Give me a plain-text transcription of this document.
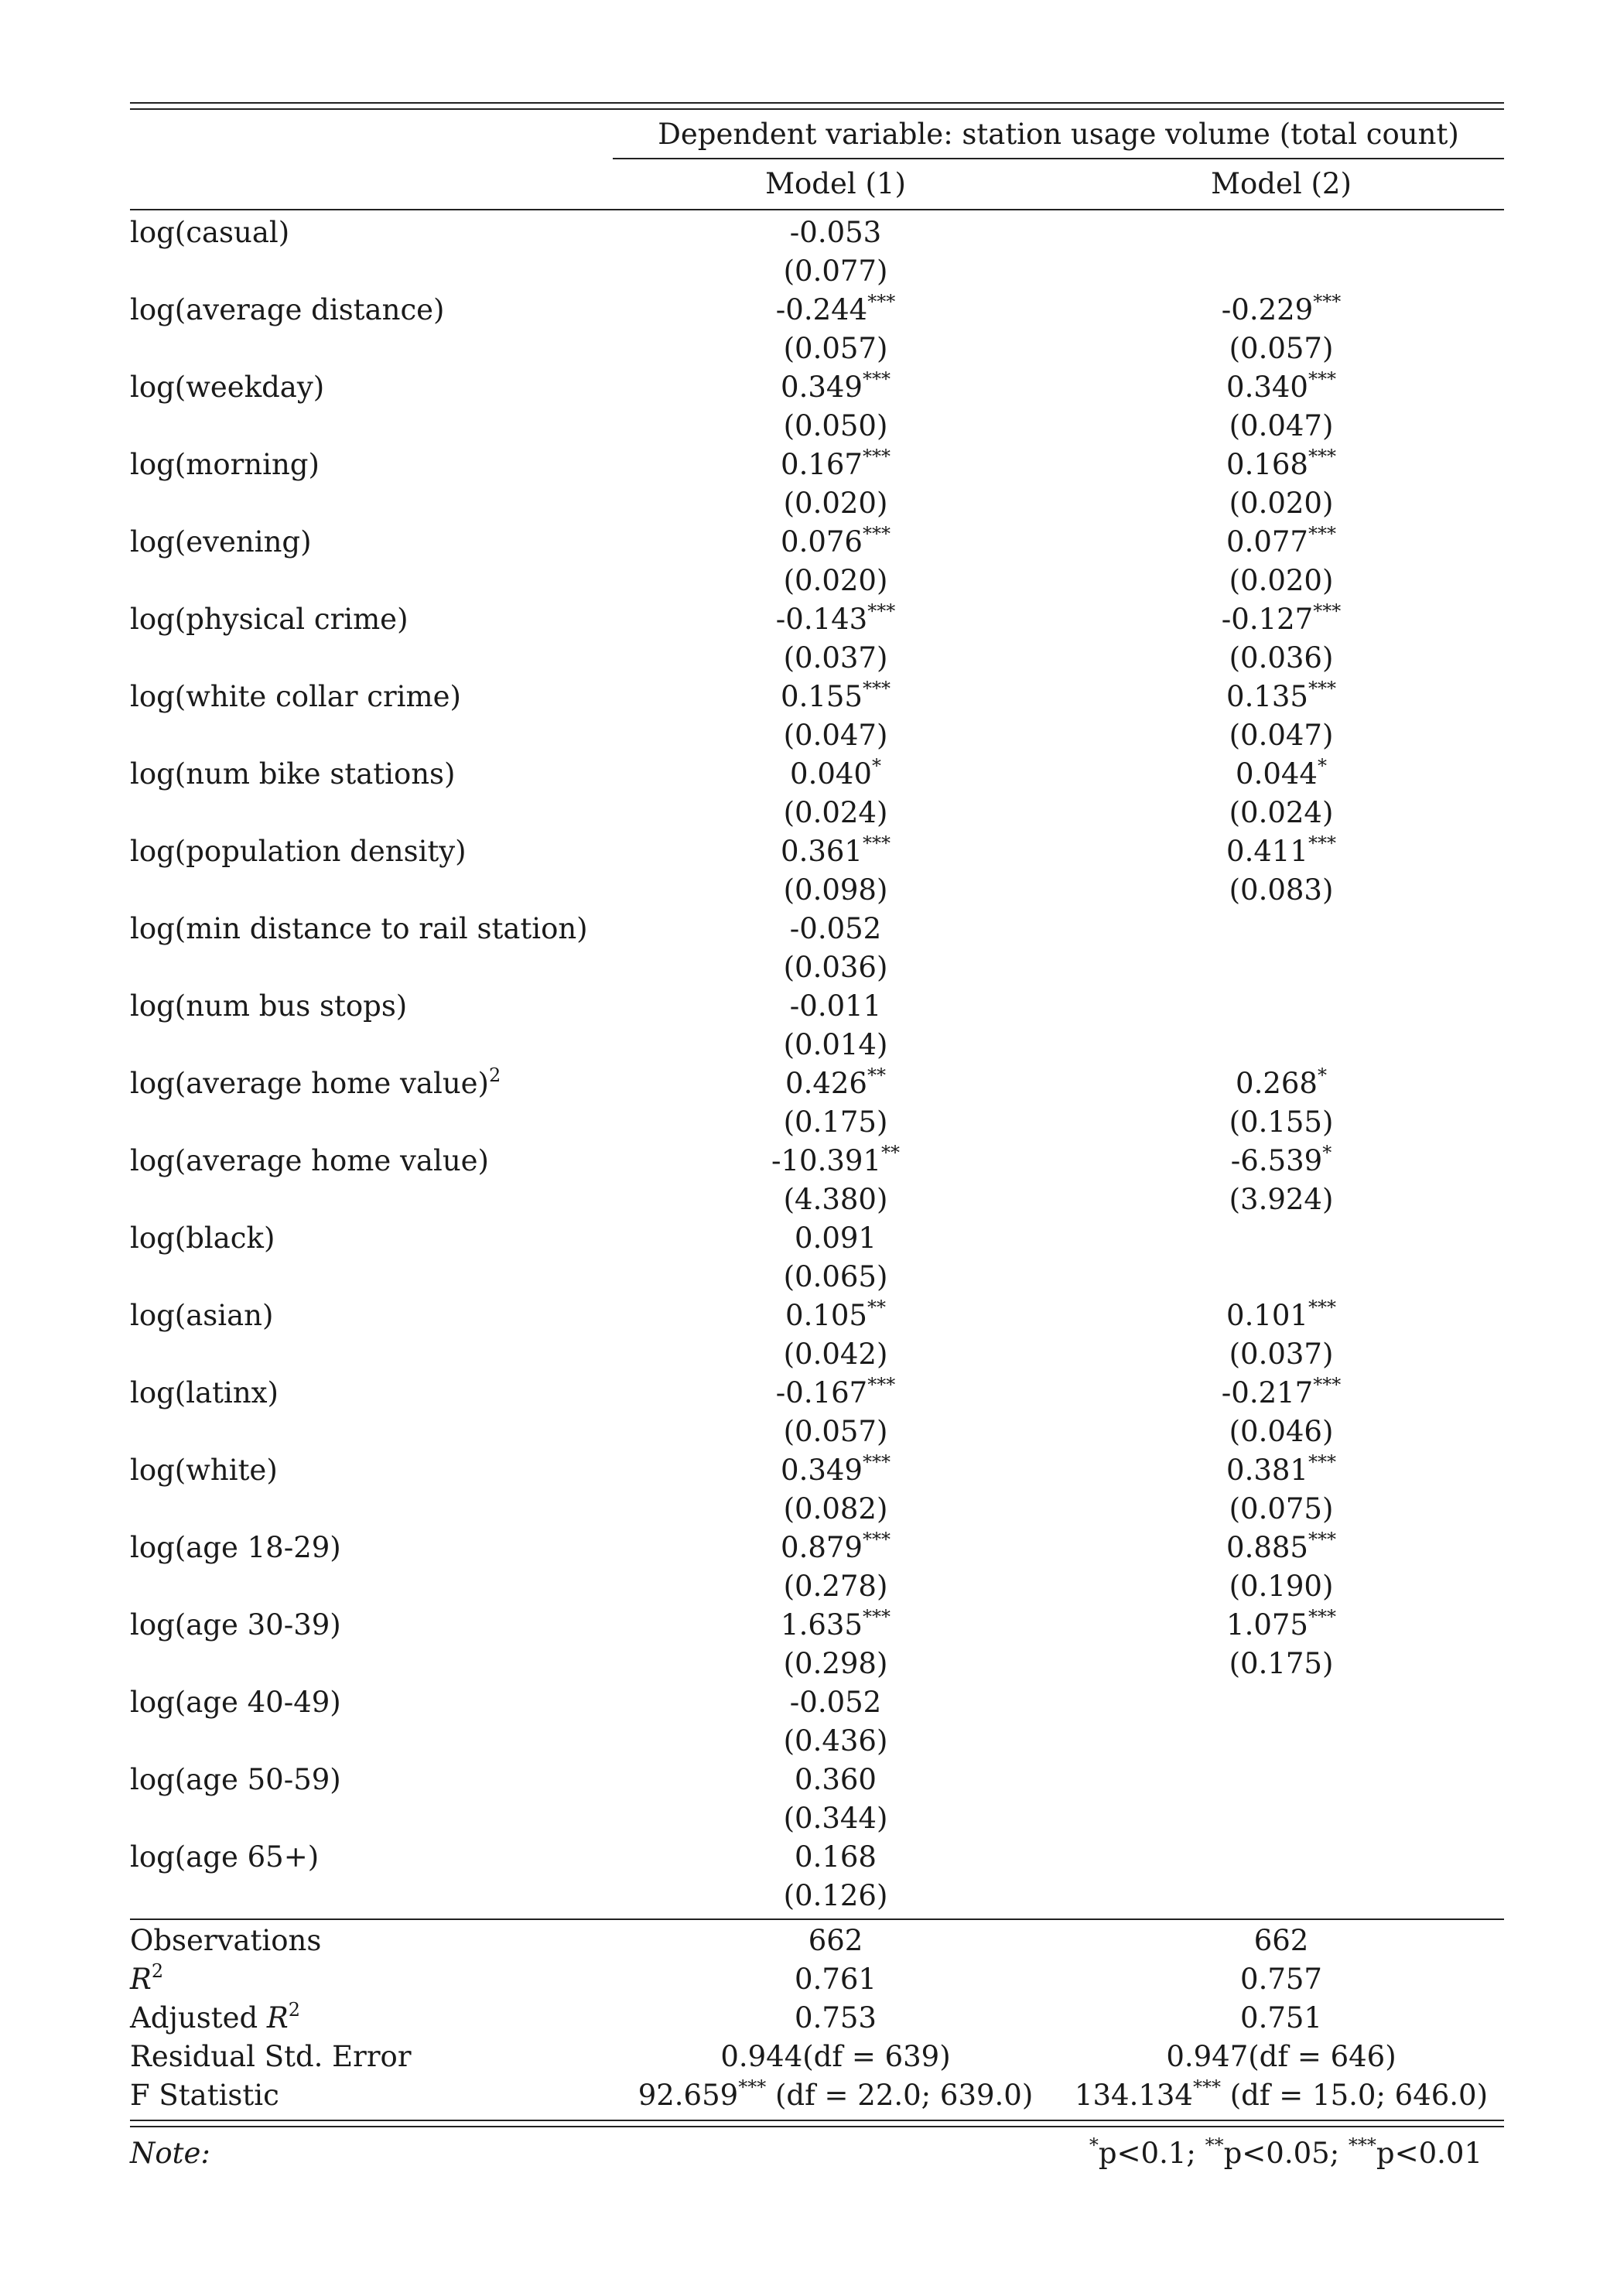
Dependent variable: station usage volume (total count)
Model (1)	Model (2)
log(casual)	-0.053
(0.077)
log(average distance)	-0.244***	-0.229***
(0.057)	(0.057)
log(weekday)	0.349***	0.340***
(0.050)	(0.047)
log(morning)	0.167***	0.168***
(0.020)	(0.020)
log(evening)	0.076***	0.077***
(0.020)	(0.020)
log(physical crime)	-0.143***	-0.127***
(0.037)	(0.036)
log(white collar crime)	0.155***	0.135***
(0.047)	(0.047)
log(num bike stations)	0.040*	0.044*
(0.024)	(0.024)
log(population density)	0.361***	0.411***
(0.098)	(0.083)
log(min distance to rail station)	-0.052
(0.036)
log(num bus stops)	-0.011
(0.014)
log(average home value)$^2$	0.426**	0.268*
(0.175)	(0.155)
log(average home value)	-10.391**	-6.539*
(4.380)	(3.924)
log(black)	0.091
(0.065)
log(asian)	0.105**	0.101***
(0.042)	(0.037)
log(latinx)	-0.167***	-0.217***
(0.057)	(0.046)
log(white)	0.349***	0.381***
(0.082)	(0.075)
log(age 18-29)	0.879***	0.885***
(0.278)	(0.190)
log(age 30-39)	1.635***	1.075***
(0.298)	(0.175)
log(age 40-49)	-0.052
(0.436)
log(age 50-59)	0.360
(0.344)
log(age 65+)	0.168
(0.126)
Observations	662	662
$R^2$	0.761	0.757
Adjusted $R^2$	0.753	0.751
Residual Std. Error	0.944(df = 639)	0.947(df = 646)
F Statistic	92.659*** (df = 22.0; 639.0)	134.134*** (df = 15.0; 646.0)
Note:	*p<0.1; **p<0.05; ***p<0.01
